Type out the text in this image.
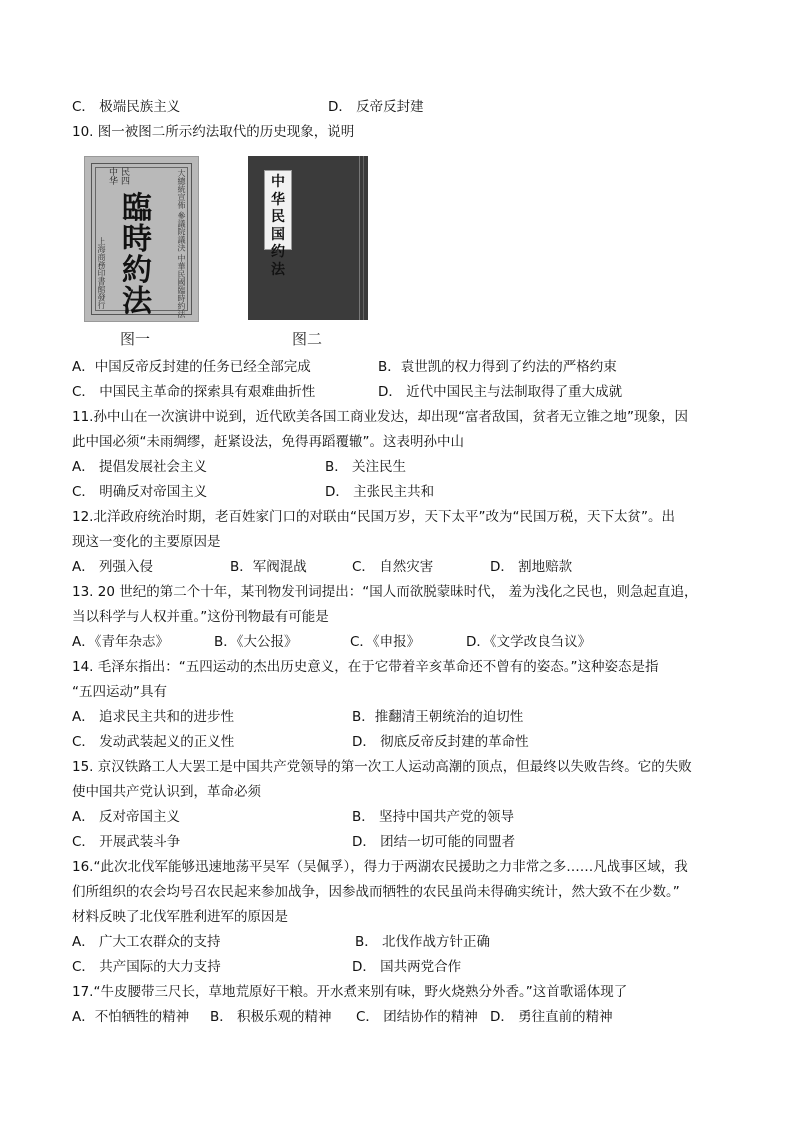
C． 极端民族主义	D． 反帝反封建
10. 图一被图二所示约法取代的历史现象，说明
中华 民四
臨時約法	大總統宣佈 參議院議決 中華民國臨時約法
上海商務印書館發行
图一
中华民国约法
图二
A．中国反帝反封建的任务已经全部完成	B．袁世凯的权力得到了约法的严格约束
C． 中国民主革命的探索具有艰难曲折性	D． 近代中国民主与法制取得了重大成就
11.孙中山在一次演讲中说到，近代欧美各国工商业发达，却出现“富者敌国，贫者无立锥之地”现象，因
此中国必须“未雨绸缪，赶紧设法，免得再蹈覆辙”。这表明孙中山
A． 提倡发展社会主义	B． 关注民生
C． 明确反对帝国主义	D． 主张民主共和
12.北洋政府统治时期，老百姓家门口的对联由“民国万岁，天下太平”改为“民国万税，天下太贫”。出
现这一变化的主要原因是
A． 列强入侵	B．军阀混战	C． 自然灾害	D． 割地赔款
13. 20 世纪的第二个十年，某刊物发刊词提出：“国人而欲脱蒙昧时代， 羞为浅化之民也，则急起直追，
当以科学与人权并重。”这份刊物最有可能是
A．《青年杂志》	B．《大公报》	C．《申报》	D．《文学改良刍议》
14. 毛泽东指出：“五四运动的杰出历史意义，在于它带着辛亥革命还不曾有的姿态。”这种姿态是指
“五四运动”具有
A． 追求民主共和的进步性	B．推翻清王朝统治的迫切性
C． 发动武装起义的正义性	D． 彻底反帝反封建的革命性
15. 京汉铁路工人大罢工是中国共产党领导的第一次工人运动高潮的顶点，但最终以失败告终。它的失败
使中国共产党认识到，革命必须
A． 反对帝国主义	B． 坚持中国共产党的领导
C． 开展武装斗争	D． 团结一切可能的同盟者
16.“此次北伐军能够迅速地荡平吴军（吴佩孚），得力于两湖农民援助之力非常之多……凡战事区域，我
们所组织的农会均号召农民起来参加战争，因参战而牺牲的农民虽尚未得确实统计，然大致不在少数。”
材料反映了北伐军胜利进军的原因是
A． 广大工农群众的支持	B． 北伐作战方针正确
C． 共产国际的大力支持	D． 国共两党合作
17.“牛皮腰带三尺长，草地荒原好干粮。开水煮来别有味，野火烧熟分外香。”这首歌谣体现了
A．不怕牺牲的精神 B． 积极乐观的精神 C． 团结协作的精神 D． 勇往直前的精神
